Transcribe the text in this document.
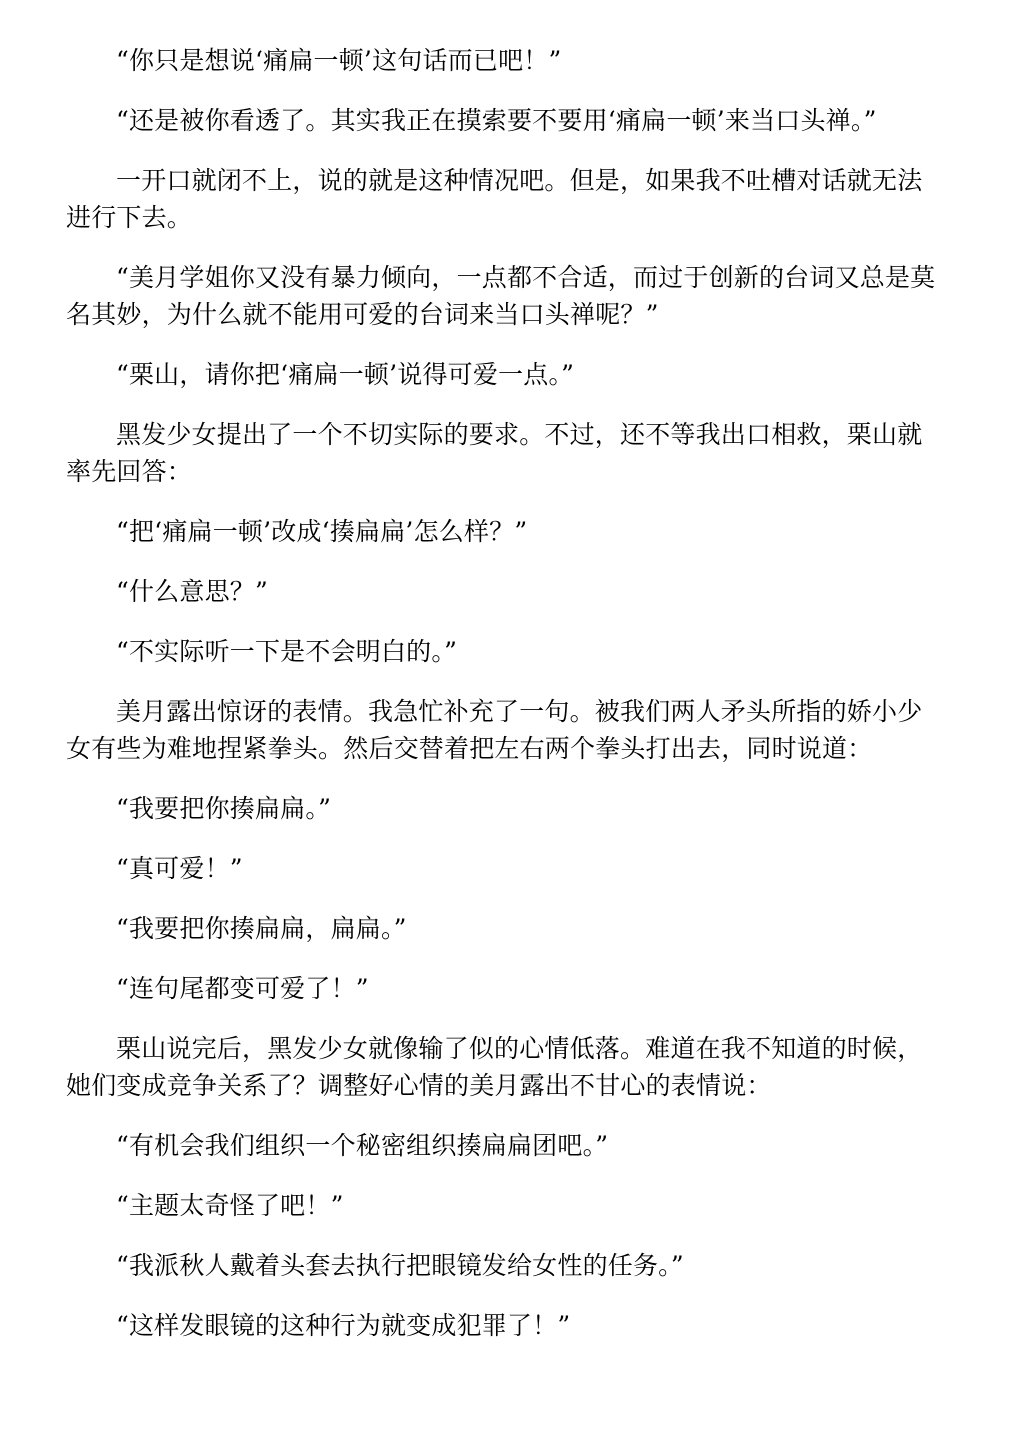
“你只是想说‘痛扁一顿’这句话而已吧！”

“还是被你看透了。其实我正在摸索要不要用‘痛扁一顿’来当口头禅。”

一开口就闭不上，说的就是这种情况吧。但是，如果我不吐槽对话就无法进行下去。

“美月学姐你又没有暴力倾向，一点都不合适，而过于创新的台词又总是莫名其妙，为什么就不能用可爱的台词来当口头禅呢？”

“栗山，请你把‘痛扁一顿’说得可爱一点。”

黑发少女提出了一个不切实际的要求。不过，还不等我出口相救，栗山就率先回答：

“把‘痛扁一顿’改成‘揍扁扁’怎么样？”

“什么意思？”

“不实际听一下是不会明白的。”

美月露出惊讶的表情。我急忙补充了一句。被我们两人矛头所指的娇小少女有些为难地捏紧拳头。然后交替着把左右两个拳头打出去，同时说道：

“我要把你揍扁扁。”

“真可爱！”

“我要把你揍扁扁，扁扁。”

“连句尾都变可爱了！”

栗山说完后，黑发少女就像输了似的心情低落。难道在我不知道的时候，她们变成竞争关系了？调整好心情的美月露出不甘心的表情说：

“有机会我们组织一个秘密组织揍扁扁团吧。”

“主题太奇怪了吧！”

“我派秋人戴着头套去执行把眼镜发给女性的任务。”

“这样发眼镜的这种行为就变成犯罪了！”
